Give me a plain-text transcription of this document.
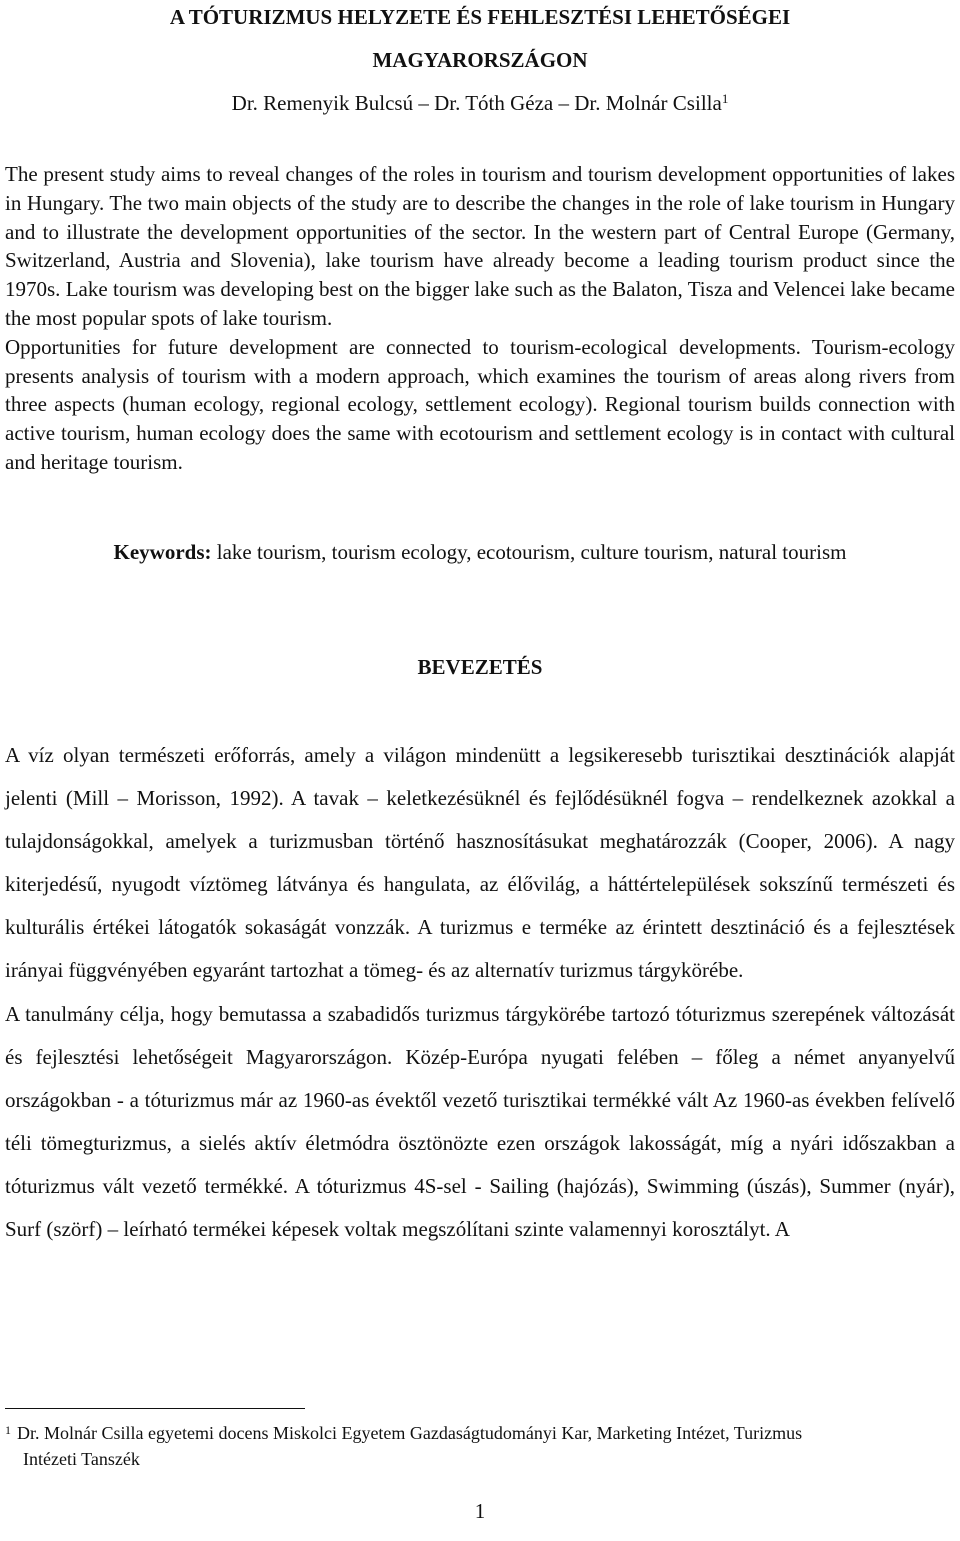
A TÓTURIZMUS HELYZETE ÉS FEHLESZTÉSI LEHETŐSÉGEI
MAGYARORSZÁGON
Dr. Remenyik Bulcsú – Dr. Tóth Géza – Dr. Molnár Csilla$^1$
The present study aims to reveal changes of the roles in tourism and tourism development opportunities of lakes in Hungary. The two main objects of the study are to describe the changes in the role of lake tourism in Hungary and to illustrate the development opportunities of the sector. In the western part of Central Europe (Germany, Switzerland, Austria and Slovenia), lake tourism have already become a leading tourism product since the 1970s. Lake tourism was developing best on the bigger lake such as the Balaton, Tisza and Velencei lake became the most popular spots of lake tourism.
Opportunities for future development are connected to tourism-ecological developments. Tourism-ecology presents analysis of tourism with a modern approach, which examines the tourism of areas along rivers from three aspects (human ecology, regional ecology, settlement ecology). Regional tourism builds connection with active tourism, human ecology does the same with ecotourism and settlement ecology is in contact with cultural and heritage tourism.
Keywords: lake tourism, tourism ecology, ecotourism, culture tourism, natural tourism
BEVEZETÉS

A víz olyan természeti erőforrás, amely a világon mindenütt a legsikeresebb turisztikai desztinációk alapját jelenti (Mill – Morisson, 1992). A tavak – keletkezésüknél és fejlődésüknél fogva – rendelkeznek azokkal a tulajdonságokkal, amelyek a turizmusban történő hasznosításukat meghatározzák (Cooper, 2006). A nagy kiterjedésű, nyugodt víztömeg látványa és hangulata, az élővilág, a háttértelepülések sokszínű természeti és kulturális értékei látogatók sokaságát vonzzák. A turizmus e terméke az érintett desztináció és a fejlesztések irányai függvényében egyaránt tartozhat a tömeg- és az alternatív turizmus tárgykörébe.

A tanulmány célja, hogy bemutassa a szabadidős turizmus tárgykörébe tartozó tóturizmus szerepének változását és fejlesztési lehetőségeit Magyarországon. Közép-Európa nyugati felében – főleg a német anyanyelvű országokban - a tóturizmus már az 1960-as évektől vezető turisztikai termékké vált Az 1960-as években felívelő téli tömegturizmus, a sielés aktív életmódra ösztönözte ezen országok lakosságát, míg a nyári időszakban a tóturizmus vált vezető termékké. A tóturizmus 4S-sel - Sailing (hajózás), Swimming (úszás), Summer (nyár), Surf (szörf) – leírható termékei képesek voltak megszólítani szinte valamennyi korosztályt. A

$^1$ Dr. Molnár Csilla egyetemi docens Miskolci Egyetem Gazdaságtudományi Kar, Marketing Intézet, Turizmus
Intézeti Tanszék
1
